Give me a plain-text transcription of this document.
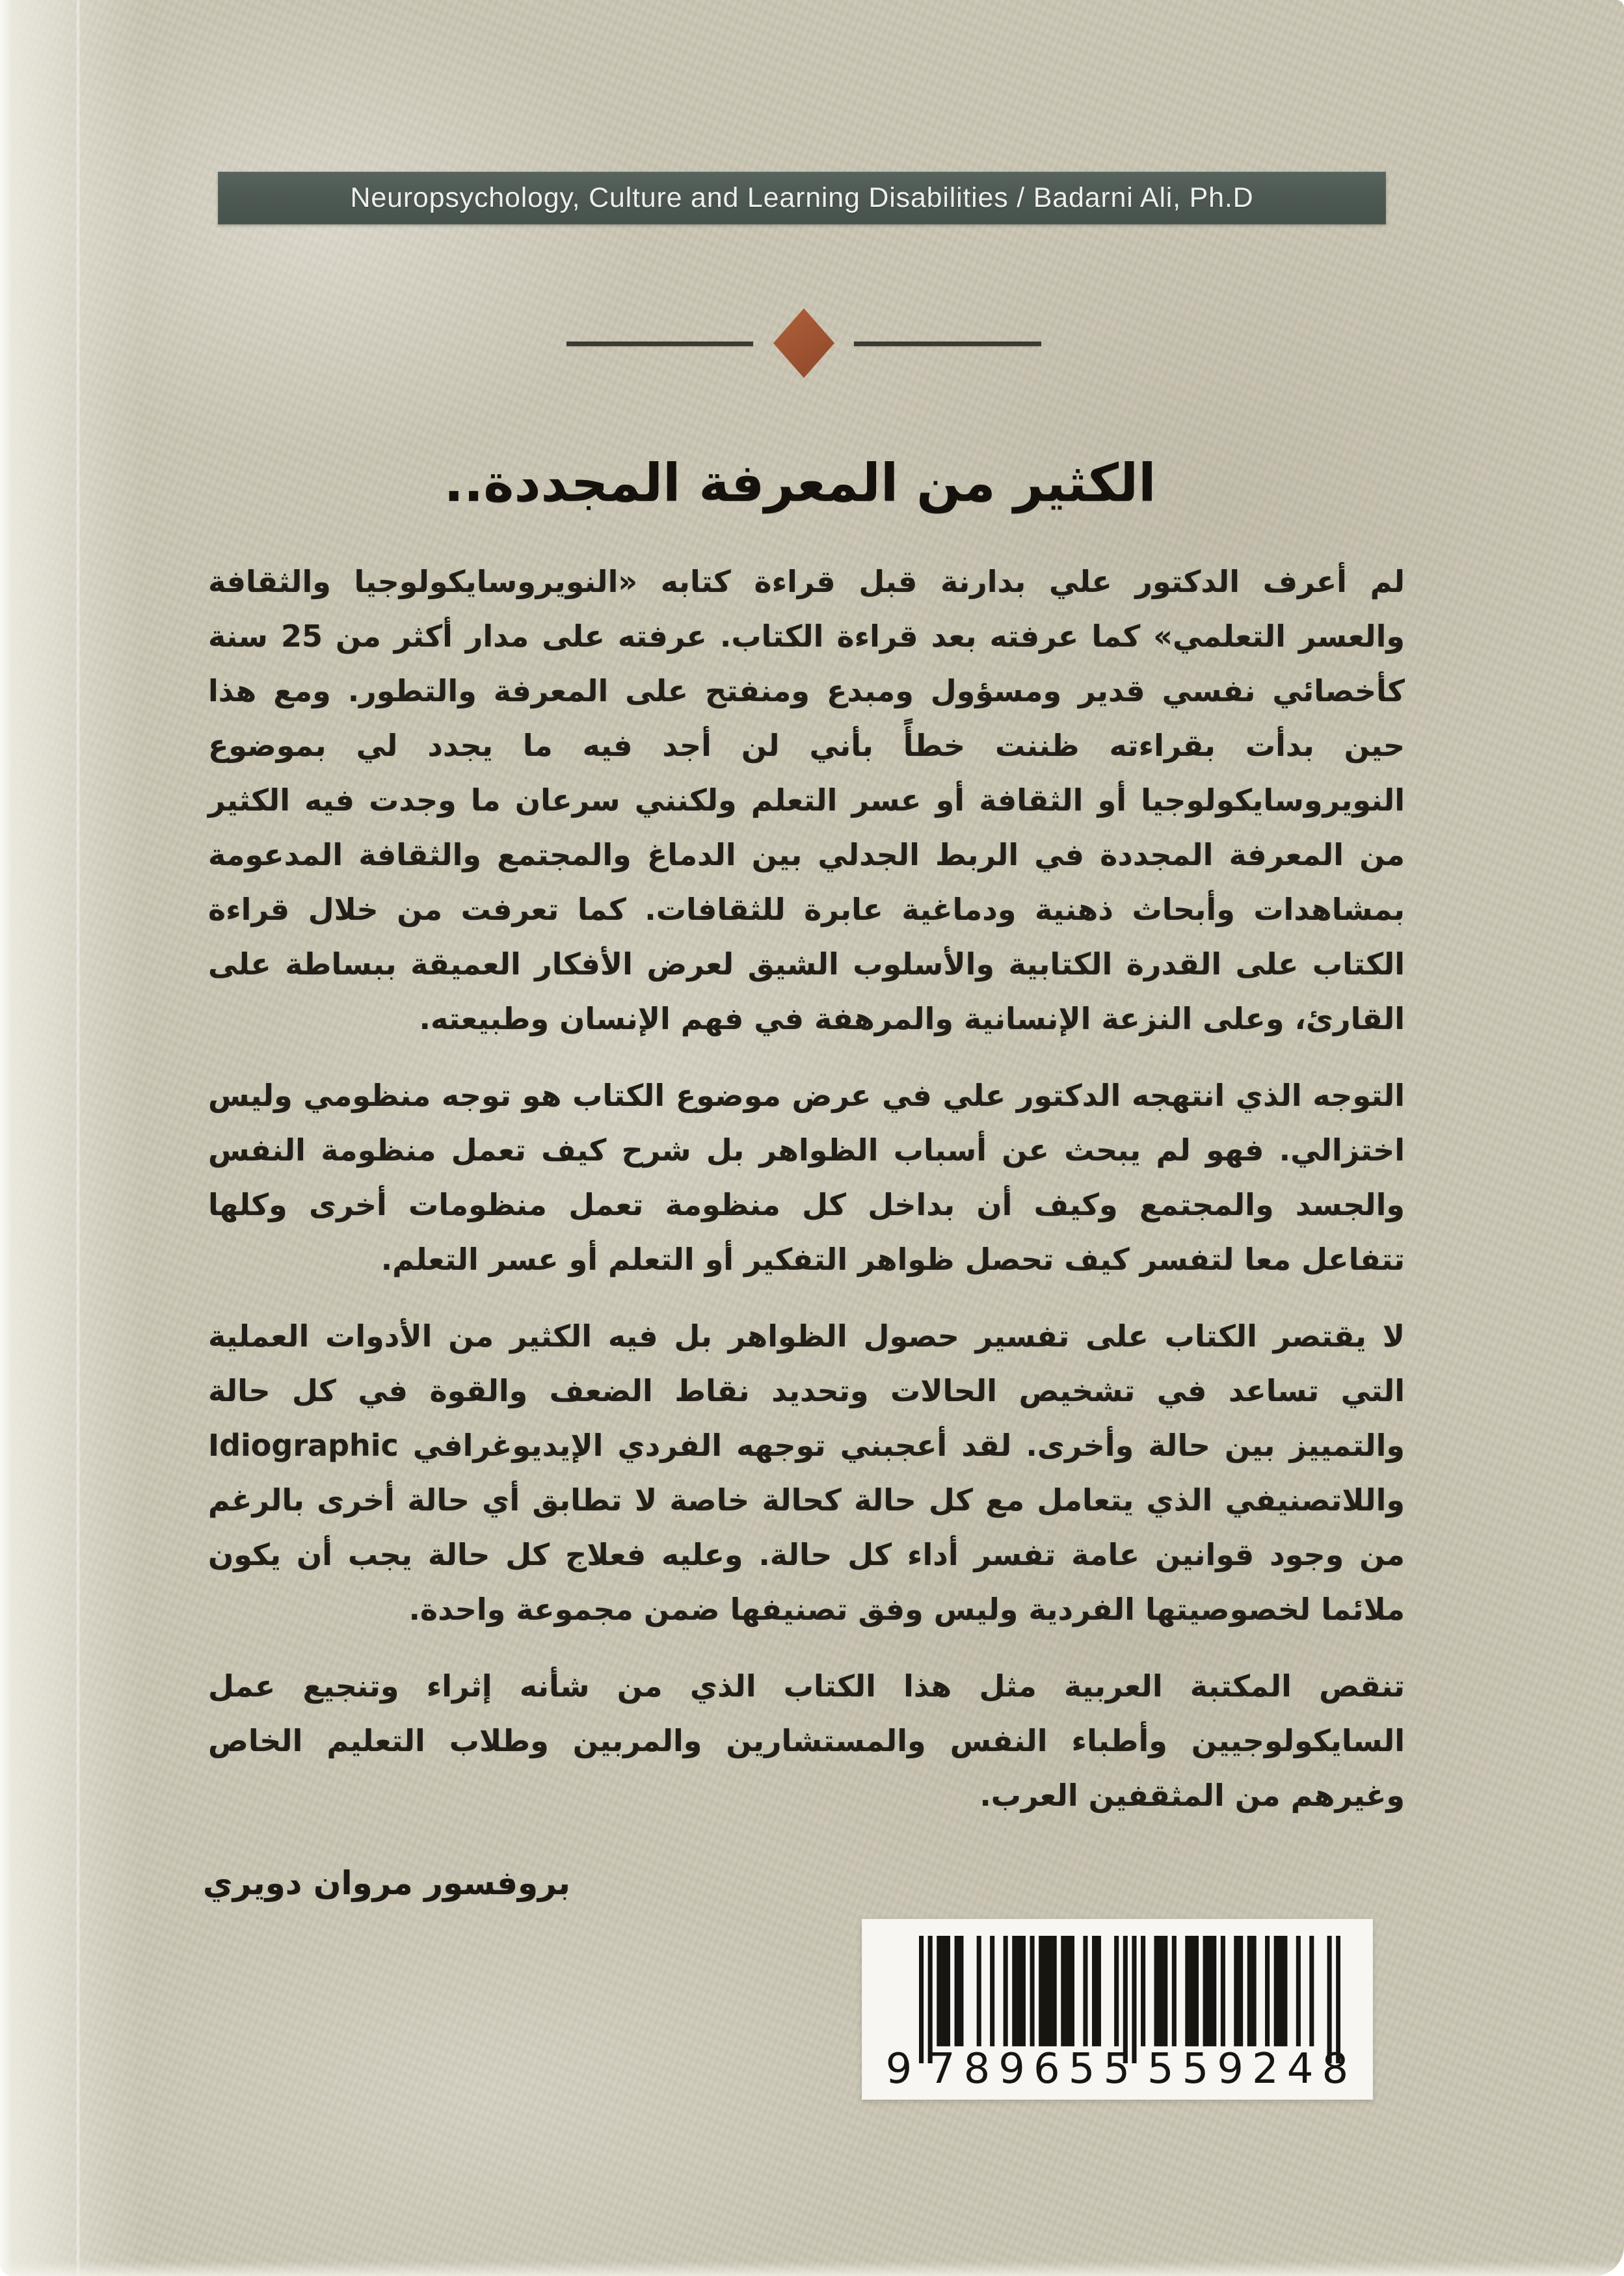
Neuropsychology, Culture and Learning Disabilities / Badarni Ali, Ph.D
الكثير من المعرفة المجددة..

لم أعرف الدكتور علي بدارنة قبل قراءة كتابه «النويروسايكولوجيا والثقافة والعسر التعلمي» كما عرفته بعد قراءة الكتاب. عرفته على مدار أكثر من 25 سنة كأخصائي نفسي قدير ومسؤول ومبدع ومنفتح على المعرفة والتطور. ومع هذا حين بدأت بقراءته ظننت خطأً بأني لن أجد فيه ما يجدد لي بموضوع النويروسايكولوجيا أو الثقافة أو عسر التعلم ولكنني سرعان ما وجدت فيه الكثير من المعرفة المجددة في الربط الجدلي بين الدماغ والمجتمع والثقافة المدعومة بمشاهدات وأبحاث ذهنية ودماغية عابرة للثقافات. كما تعرفت من خلال قراءة الكتاب على القدرة الكتابية والأسلوب الشيق لعرض الأفكار العميقة ببساطة على القارئ، وعلى النزعة الإنسانية والمرهفة في فهم الإنسان وطبيعته.

التوجه الذي انتهجه الدكتور علي في عرض موضوع الكتاب هو توجه منظومي وليس اختزالي. فهو لم يبحث عن أسباب الظواهر بل شرح كيف تعمل منظومة النفس والجسد والمجتمع وكيف أن بداخل كل منظومة تعمل منظومات أخرى وكلها تتفاعل معا لتفسر كيف تحصل ظواهر التفكير أو التعلم أو عسر التعلم.

لا يقتصر الكتاب على تفسير حصول الظواهر بل فيه الكثير من الأدوات العملية التي تساعد في تشخيص الحالات وتحديد نقاط الضعف والقوة في كل حالة والتمييز بين حالة وأخرى. لقد أعجبني توجهه الفردي الإيديوغرافي Idiographic واللاتصنيفي الذي يتعامل مع كل حالة كحالة خاصة لا تطابق أي حالة أخرى بالرغم من وجود قوانين عامة تفسر أداء كل حالة. وعليه فعلاج كل حالة يجب أن يكون ملائما لخصوصيتها الفردية وليس وفق تصنيفها ضمن مجموعة واحدة.

تنقص المكتبة العربية مثل هذا الكتاب الذي من شأنه إثراء وتنجيع عمل السايكولوجيين وأطباء النفس والمستشارين والمربين وطلاب التعليم الخاص وغيرهم من المثقفين العرب.

بروفسور مروان دويري
9 789655 559248
